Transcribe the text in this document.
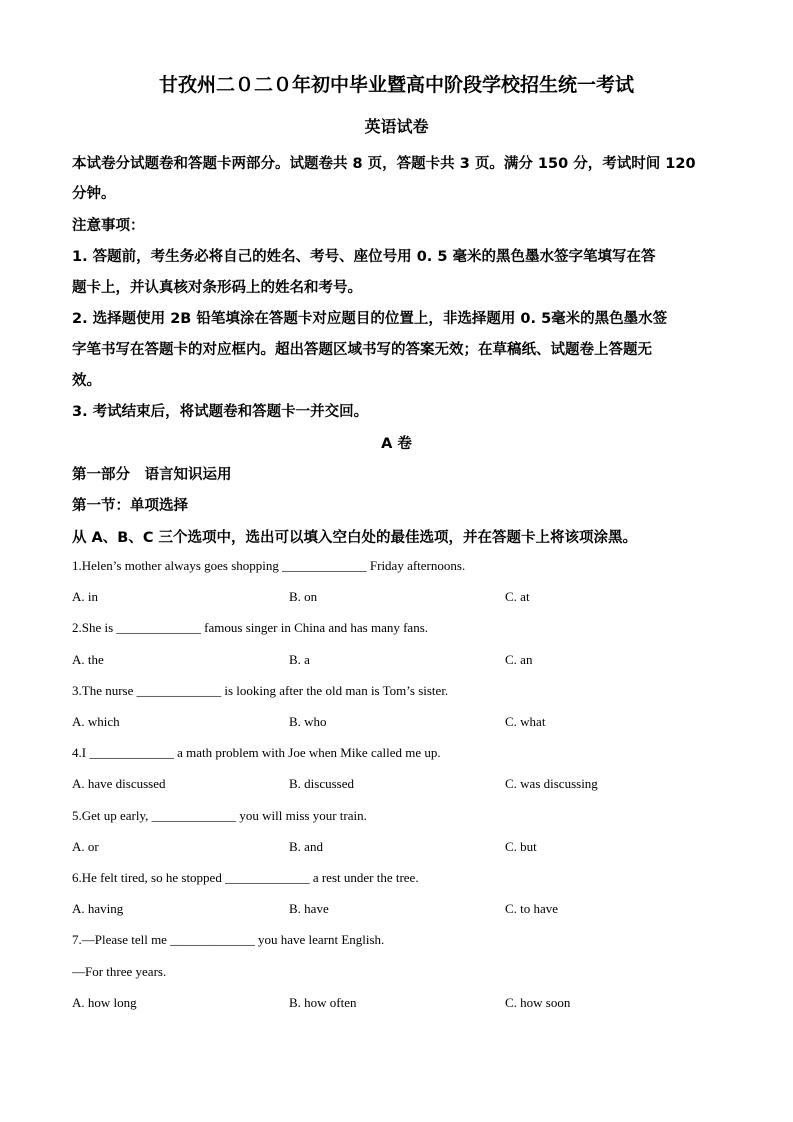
甘孜州二０二０年初中毕业暨高中阶段学校招生统一考试
英语试卷
本试卷分试题卷和答题卡两部分。试题卷共 8 页，答题卡共 3 页。满分 150 分，考试时间 120
分钟。
注意事项：
1. 答题前，考生务必将自己的姓名、考号、座位号用 0. 5 毫米的黑色墨水签字笔填写在答
题卡上，并认真核对条形码上的姓名和考号。
2. 选择题使用 2B 铅笔填涂在答题卡对应题目的位置上，非选择题用 0. 5毫米的黑色墨水签
字笔书写在答题卡的对应框内。超出答题区域书写的答案无效；在草稿纸、试题卷上答题无
效。
3. 考试结束后，将试题卷和答题卡一并交回。
A 卷
第一部分　语言知识运用
第一节：单项选择
从 A、B、C 三个选项中，选出可以填入空白处的最佳选项，并在答题卡上将该项涂黑。
1.Helen’s mother always goes shopping _____________ Friday afternoons.
A. in	B. on	C. at
2.She is _____________ famous singer in China and has many fans.
A. the	B. a	C. an
3.The nurse _____________ is looking after the old man is Tom’s sister.
A. which	B. who	C. what
4.I _____________ a math problem with Joe when Mike called me up.
A. have discussed	B. discussed	C. was discussing
5.Get up early, _____________ you will miss your train.
A. or	B. and	C. but
6.He felt tired, so he stopped _____________ a rest under the tree.
A. having	B. have	C. to have
7.—Please tell me _____________ you have learnt English.
—For three years.
A. how long	B. how often	C. how soon
